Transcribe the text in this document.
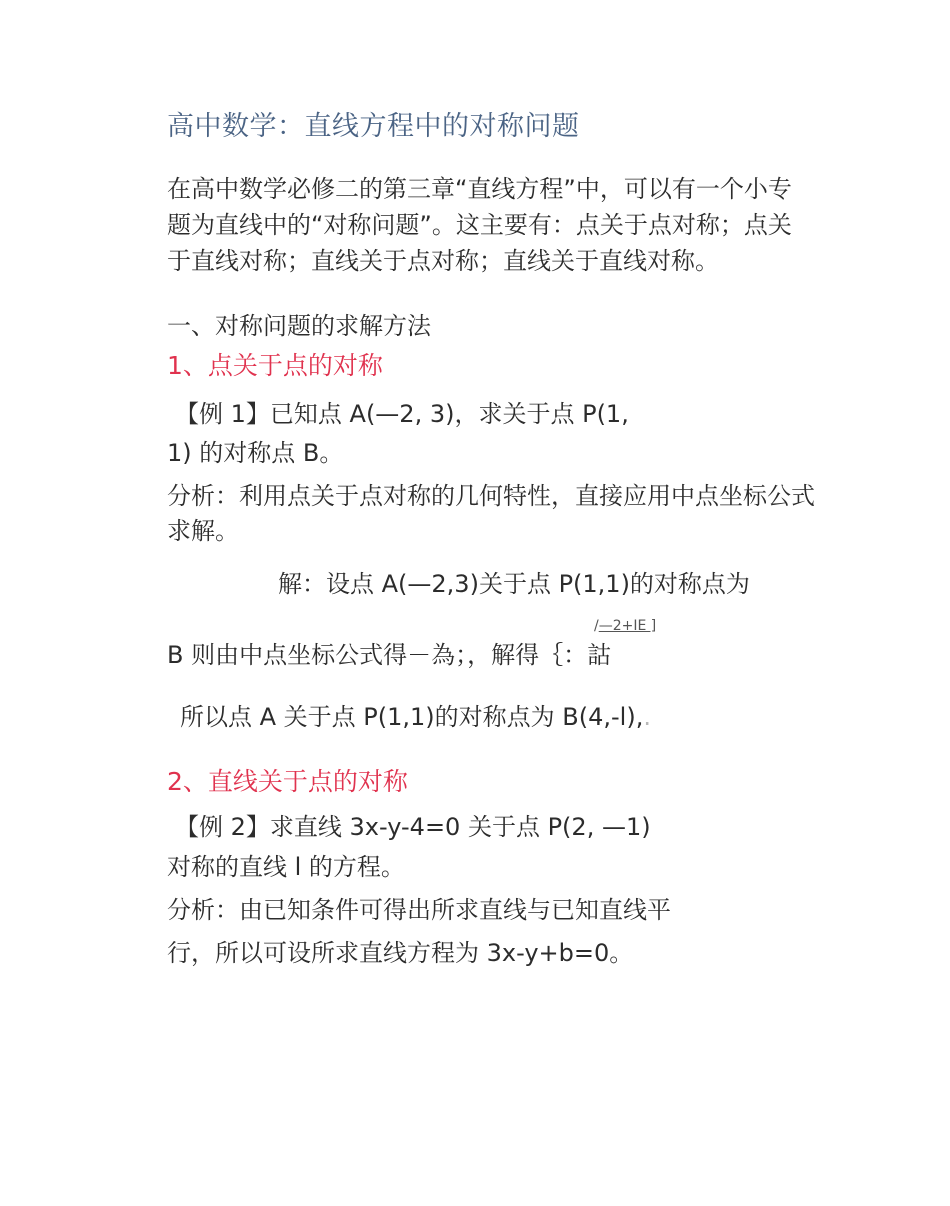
高中数学：直线方程中的对称问题
在高中数学必修二的第三章“直线方程”中，可以有一个小专
题为直线中的“对称问题”。这主要有：点关于点对称；点关
于直线对称；直线关于点对称；直线关于直线对称。
一、对称问题的求解方法
1、点关于点的对称
【例 1】已知点 A(—2, 3)，求关于点 P(1,
1) 的对称点 B。
分析：利用点关于点对称的几何特性，直接应用中点坐标公式
求解。
解：设点 A(—2,3)关于点 P(1,1)的对称点为
/—2+IE ]
B 则由中点坐标公式得－為；，解得｛：詁
所以点 A 关于点 P(1,1)的对称点为 B(4,-l),.
2、直线关于点的对称
【例 2】求直线 3x-y-4=0 关于点 P(2, —1)
对称的直线 l 的方程。
分析：由已知条件可得出所求直线与已知直线平
行，所以可设所求直线方程为 3x-y+b=0。
